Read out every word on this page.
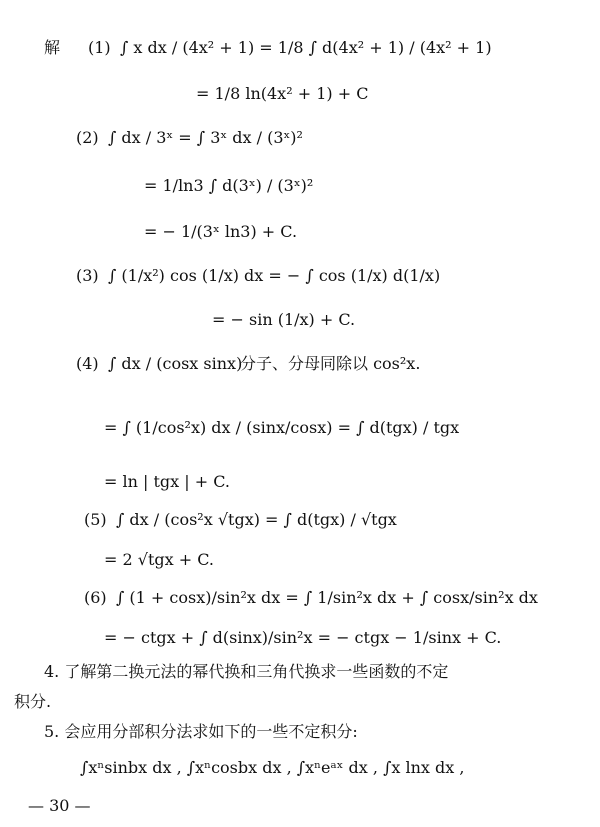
解 (1) ∫ x dx / (4x² + 1) = 1/8 ∫ d(4x² + 1) / (4x² + 1)
= 1/8 ln(4x² + 1) + C
(2) ∫ dx / 3ˣ = ∫ 3ˣ dx / (3ˣ)²
= 1/ln3 ∫ d(3ˣ) / (3ˣ)²
= − 1/(3ˣ ln3) + C.
(3) ∫ (1/x²) cos (1/x) dx = − ∫ cos (1/x) d(1/x)
= − sin (1/x) + C.
(4) ∫ dx / (cosx sinx)
分子、分母同除以 cos²x.
= ∫ (1/cos²x) dx / (sinx/cosx) = ∫ d(tgx) / tgx
= ln | tgx | + C.
(5) ∫ dx / (cos²x √tgx) = ∫ d(tgx) / √tgx
= 2 √tgx + C.
(6) ∫ (1 + cosx)/sin²x dx = ∫ 1/sin²x dx + ∫ cosx/sin²x dx
= − ctgx + ∫ d(sinx)/sin²x = − ctgx − 1/sinx + C.
4. 了解第二换元法的幂代换和三角代换求一些函数的不定
积分.
5. 会应用分部积分法求如下的一些不定积分:
∫xⁿsinbx dx , ∫xⁿcosbx dx , ∫xⁿeᵃˣ dx , ∫x lnx dx ,
— 30 —
